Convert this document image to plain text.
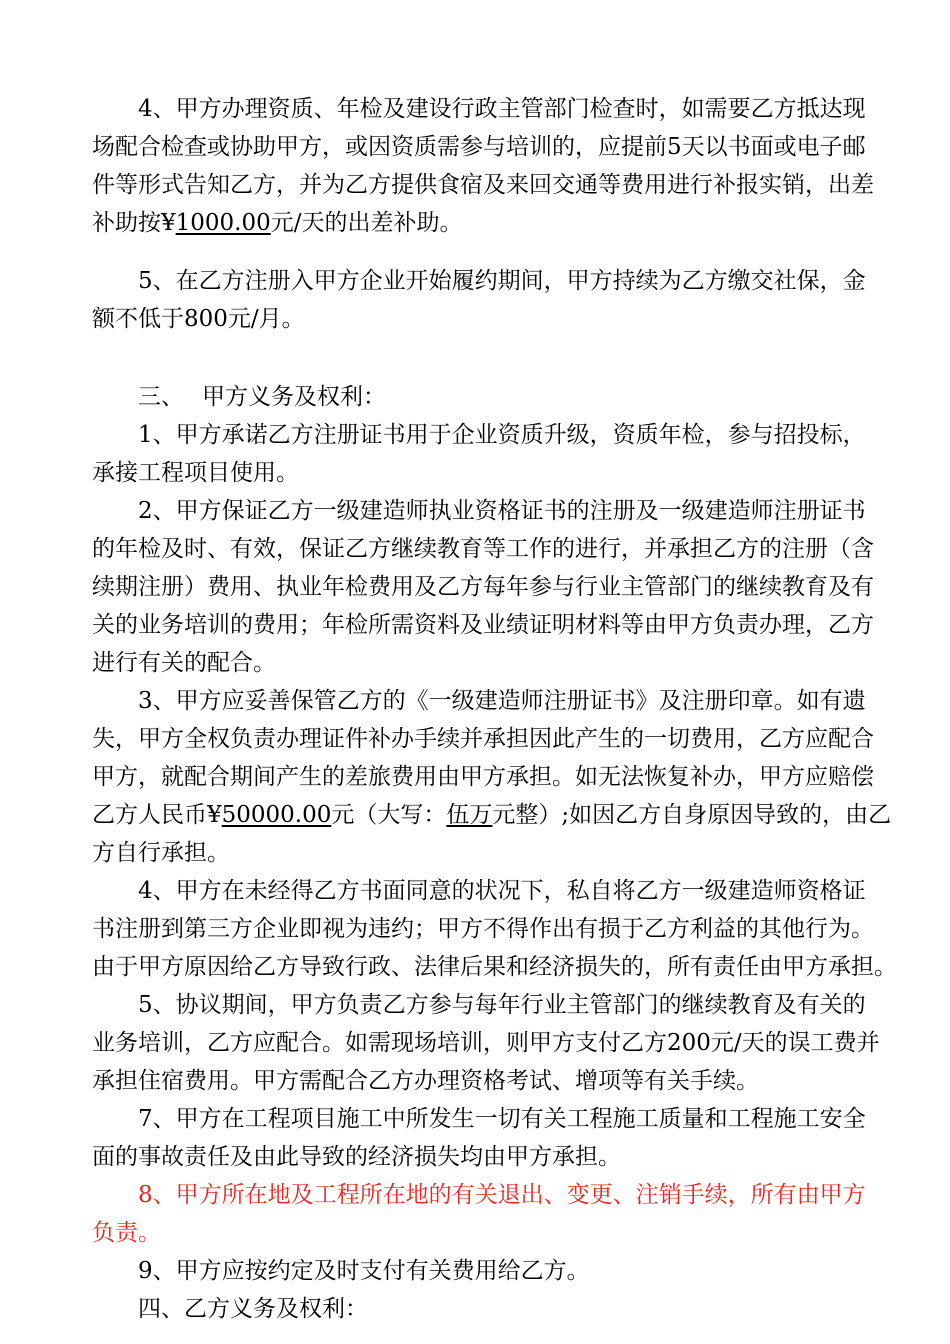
4、甲方办理资质、年检及建设行政主管部门检查时，如需要乙方抵达现
场配合检查或协助甲方，或因资质需参与培训的，应提前5天以书面或电子邮
件等形式告知乙方，并为乙方提供食宿及来回交通等费用进行补报实销，出差
补助按¥1000.00元/天的出差补助。

5、在乙方注册入甲方企业开始履约期间，甲方持续为乙方缴交社保，金
额不低于800元/月。

三、 甲方义务及权利：

1、甲方承诺乙方注册证书用于企业资质升级，资质年检，参与招投标，
承接工程项目使用。

2、甲方保证乙方一级建造师执业资格证书的注册及一级建造师注册证书
的年检及时、有效，保证乙方继续教育等工作的进行，并承担乙方的注册（含
续期注册）费用、执业年检费用及乙方每年参与行业主管部门的继续教育及有
关的业务培训的费用；年检所需资料及业绩证明材料等由甲方负责办理，乙方
进行有关的配合。

3、甲方应妥善保管乙方的《一级建造师注册证书》及注册印章。如有遗
失，甲方全权负责办理证件补办手续并承担因此产生的一切费用，乙方应配合
甲方，就配合期间产生的差旅费用由甲方承担。如无法恢复补办，甲方应赔偿
乙方人民币¥50000.00元（大写：伍万元整）;如因乙方自身原因导致的，由乙
方自行承担。

4、甲方在未经得乙方书面同意的状况下，私自将乙方一级建造师资格证
书注册到第三方企业即视为违约；甲方不得作出有损于乙方利益的其他行为。
由于甲方原因给乙方导致行政、法律后果和经济损失的，所有责任由甲方承担。

5、协议期间，甲方负责乙方参与每年行业主管部门的继续教育及有关的
业务培训，乙方应配合。如需现场培训，则甲方支付乙方200元/天的误工费并
承担住宿费用。甲方需配合乙方办理资格考试、增项等有关手续。

7、甲方在工程项目施工中所发生一切有关工程施工质量和工程施工安全
面的事故责任及由此导致的经济损失均由甲方承担。

8、甲方所在地及工程所在地的有关退出、变更、注销手续，所有由甲方
负责。

9、甲方应按约定及时支付有关费用给乙方。

四、乙方义务及权利：
